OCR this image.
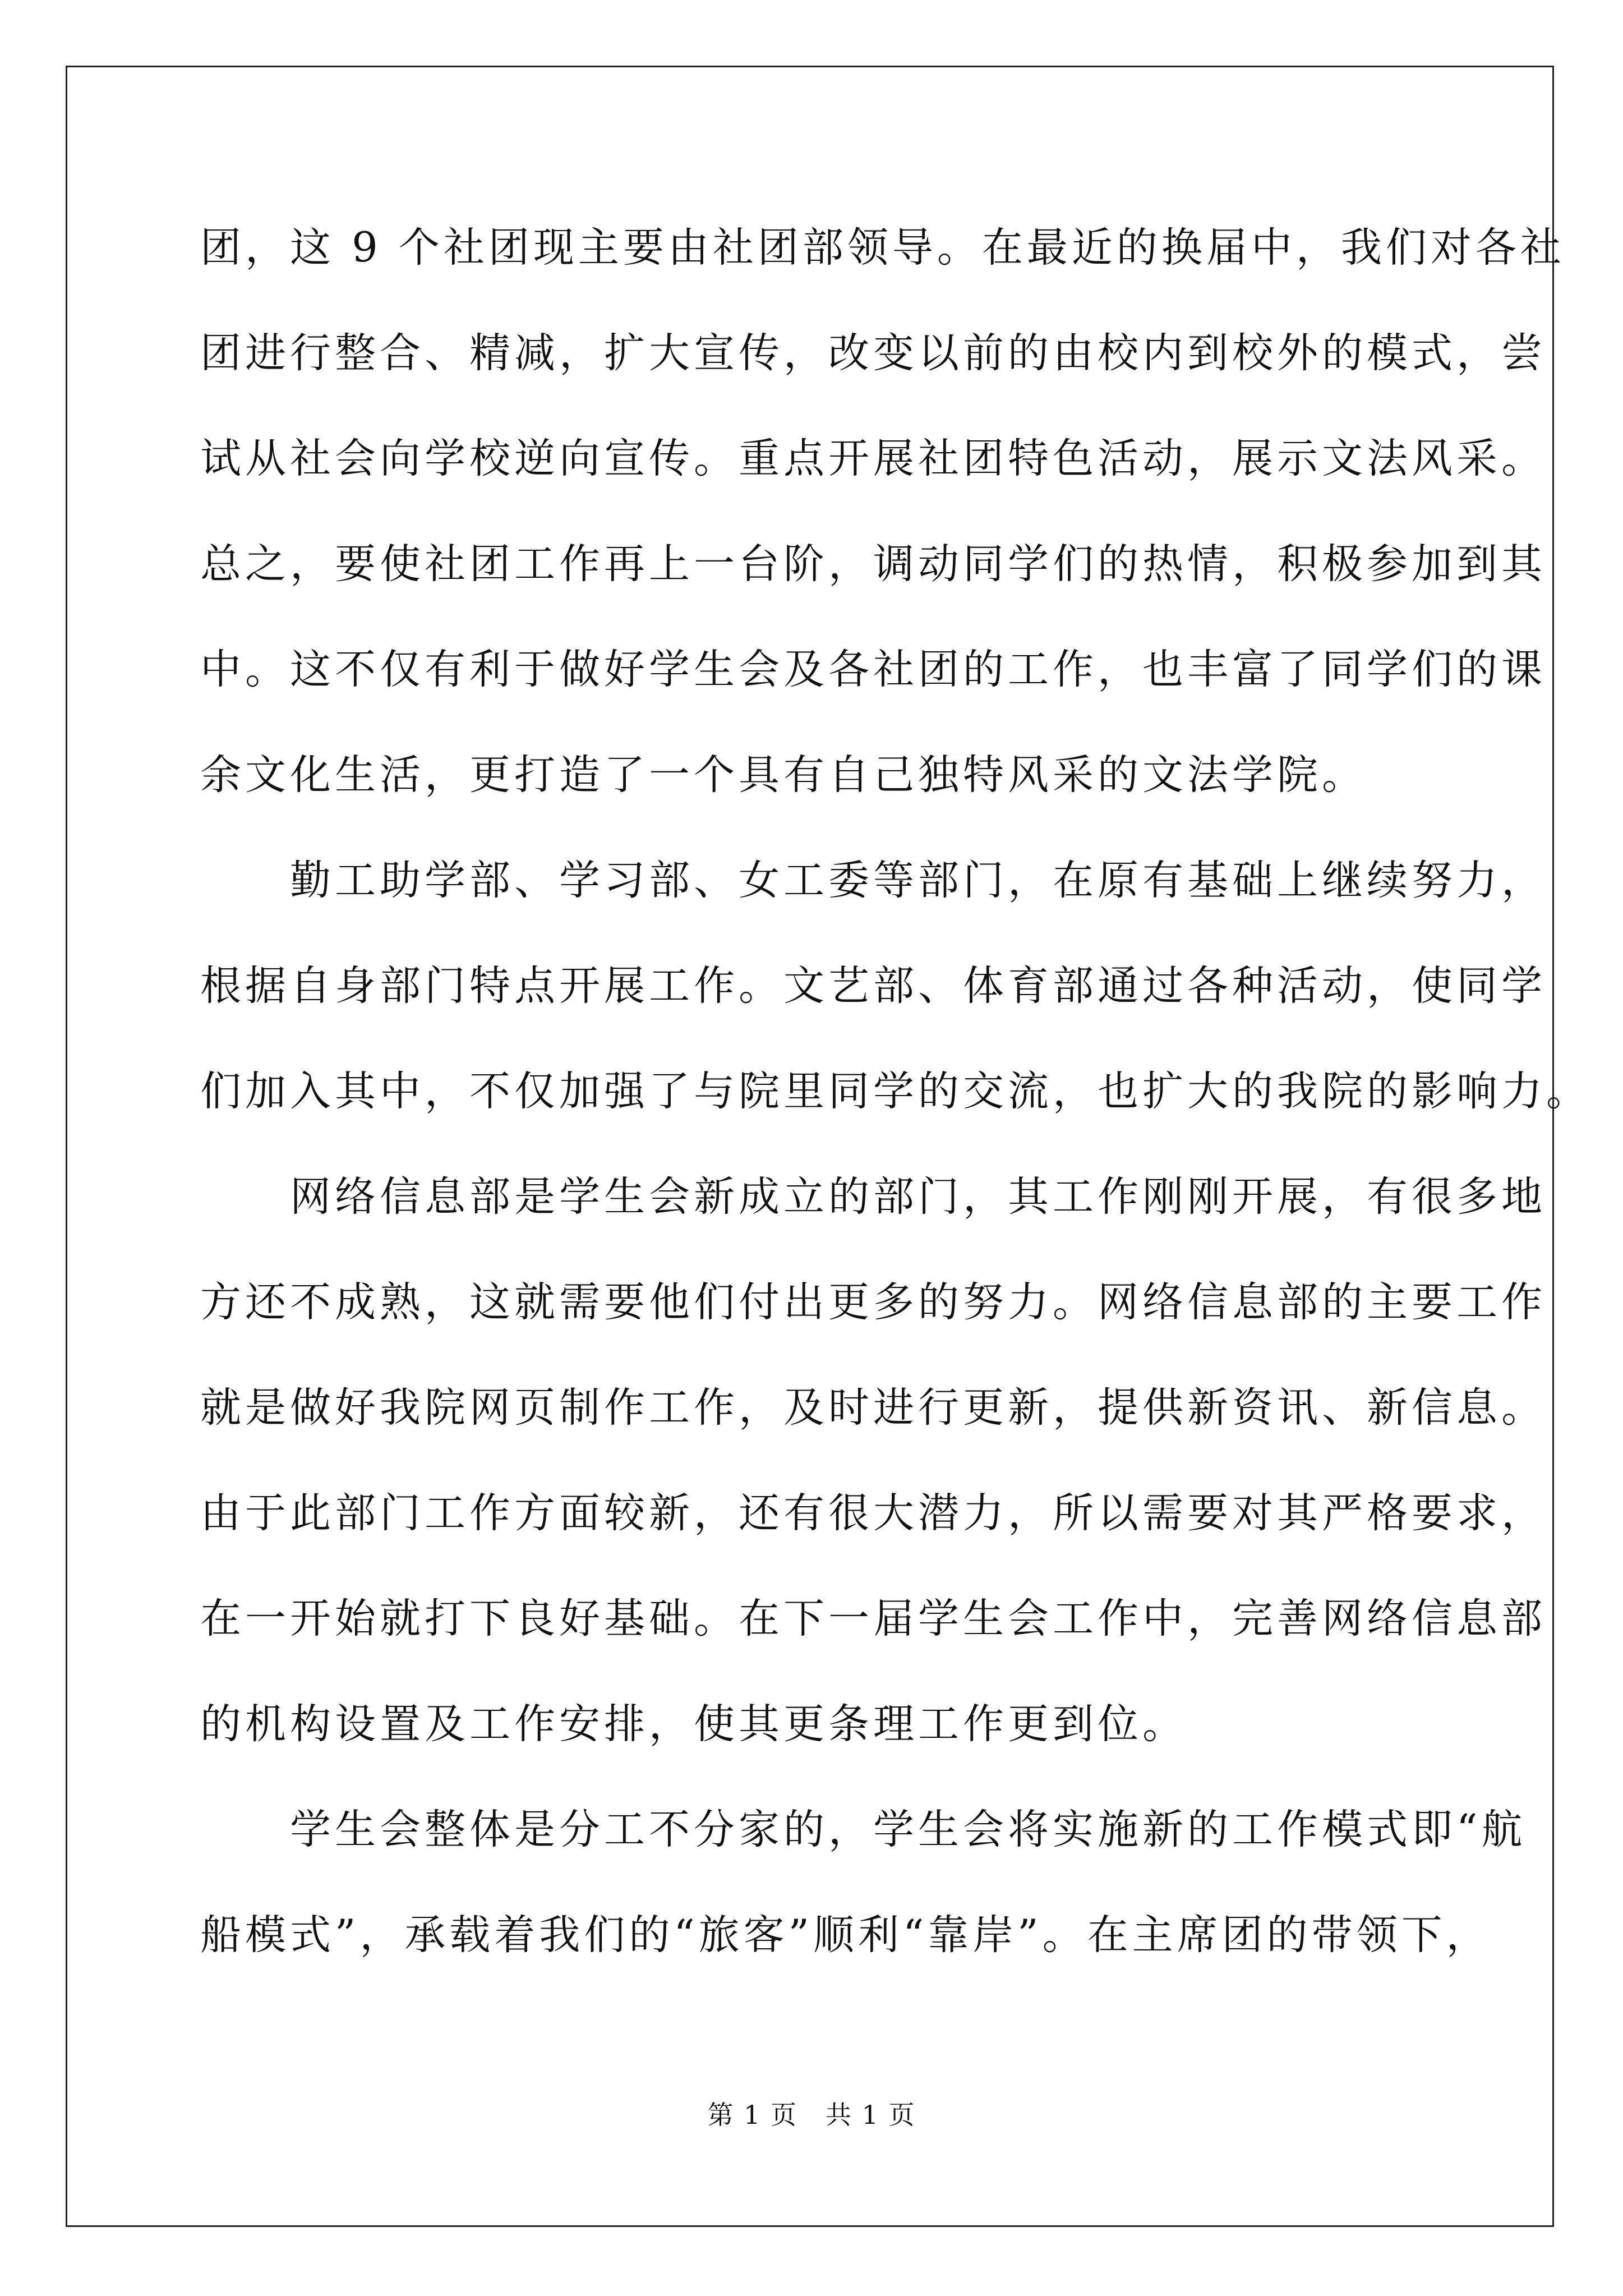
团，这 9 个社团现主要由社团部领导。在最近的换届中，我们对各社
团进行整合、精减，扩大宣传，改变以前的由校内到校外的模式，尝
试从社会向学校逆向宣传。重点开展社团特色活动，展示文法风采。
总之，要使社团工作再上一台阶，调动同学们的热情，积极参加到其
中。这不仅有利于做好学生会及各社团的工作，也丰富了同学们的课
余文化生活，更打造了一个具有自己独特风采的文法学院。
　　勤工助学部、学习部、女工委等部门，在原有基础上继续努力，
根据自身部门特点开展工作。文艺部、体育部通过各种活动，使同学
们加入其中，不仅加强了与院里同学的交流，也扩大的我院的影响力。
　　网络信息部是学生会新成立的部门，其工作刚刚开展，有很多地
方还不成熟，这就需要他们付出更多的努力。网络信息部的主要工作
就是做好我院网页制作工作，及时进行更新，提供新资讯、新信息。
由于此部门工作方面较新，还有很大潜力，所以需要对其严格要求，
在一开始就打下良好基础。在下一届学生会工作中，完善网络信息部
的机构设置及工作安排，使其更条理工作更到位。
　　学生会整体是分工不分家的，学生会将实施新的工作模式即“航
船模式”，承载着我们的“旅客”顺利“靠岸”。在主席团的带领下，
第 1 页 共 1 页
